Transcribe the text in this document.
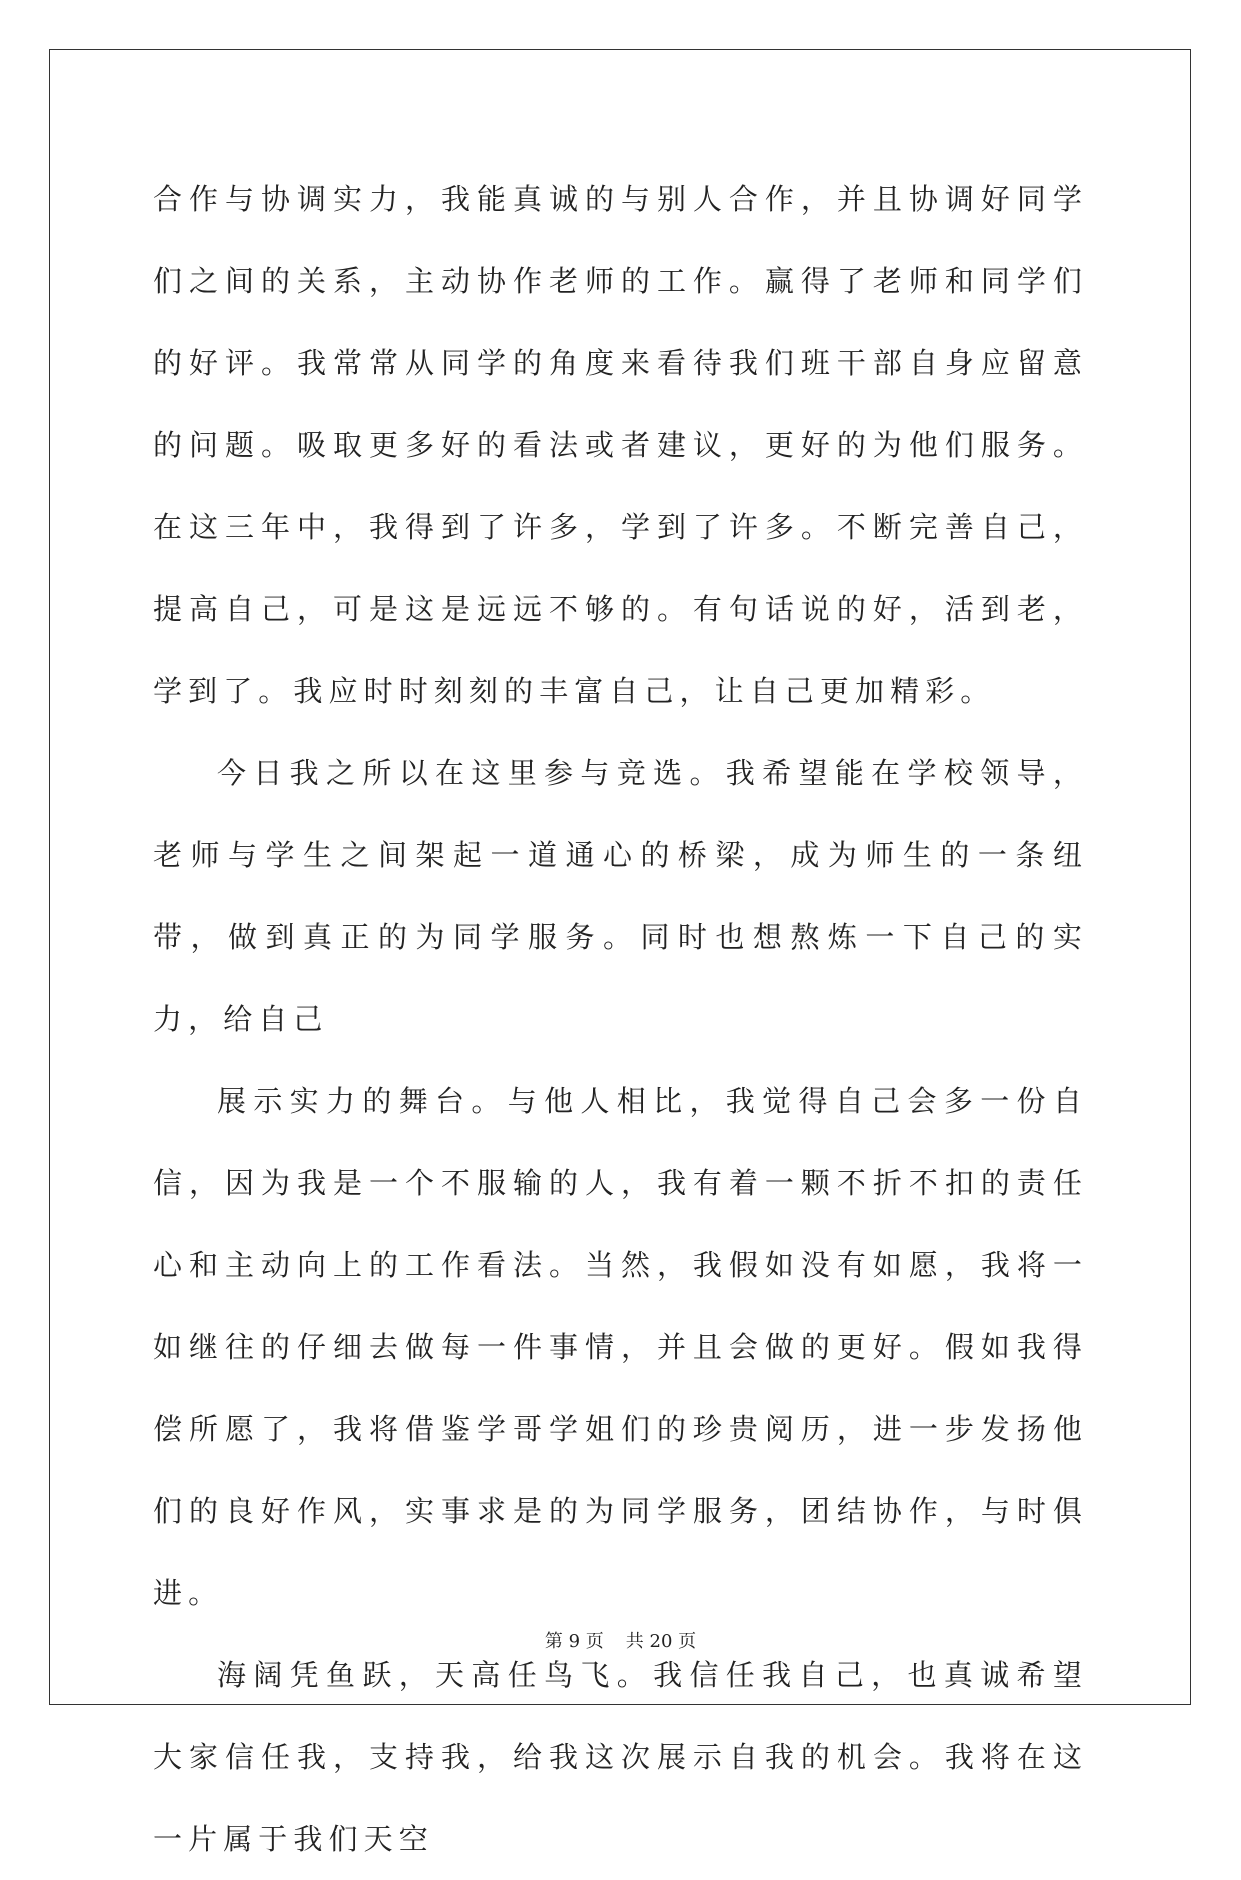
合作与协调实力，我能真诚的与别人合作，并且协调好同学们之间的关系，主动协作老师的工作。赢得了老师和同学们的好评。我常常从同学的角度来看待我们班干部自身应留意的问题。吸取更多好的看法或者建议，更好的为他们服务。在这三年中，我得到了许多，学到了许多。不断完善自己，提高自己，可是这是远远不够的。有句话说的好，活到老，学到了。我应时时刻刻的丰富自己，让自己更加精彩。

今日我之所以在这里参与竞选。我希望能在学校领导，老师与学生之间架起一道通心的桥梁，成为师生的一条纽带，做到真正的为同学服务。同时也想熬炼一下自己的实力，给自己

展示实力的舞台。与他人相比，我觉得自己会多一份自信，因为我是一个不服输的人，我有着一颗不折不扣的责任心和主动向上的工作看法。当然，我假如没有如愿，我将一如继往的仔细去做每一件事情，并且会做的更好。假如我得偿所愿了，我将借鉴学哥学姐们的珍贵阅历，进一步发扬他们的良好作风，实事求是的为同学服务，团结协作，与时俱进。

海阔凭鱼跃，天高任鸟飞。我信任我自己，也真诚希望大家信任我，支持我，给我这次展示自我的机会。我将在这一片属于我们天空

第 9 页 共 20 页
